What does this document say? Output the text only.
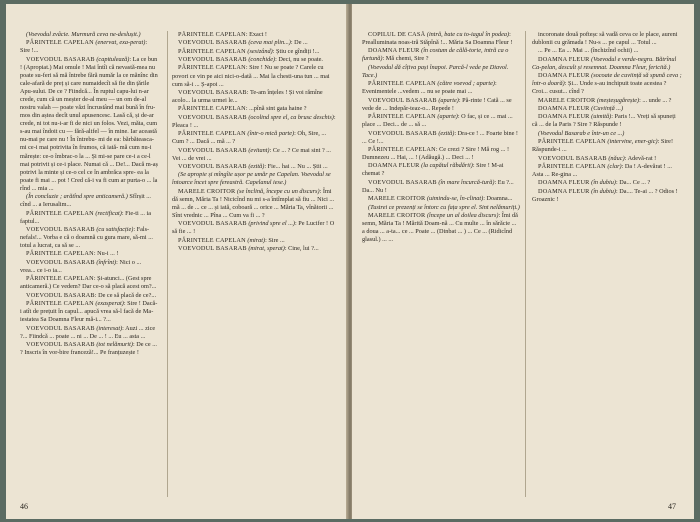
(Voevodul zvâcie. Murmură ceva ne-deslușit.)

PĂRINTELE CAPELAN (enervat, exa-perat): Sire !...

VOEVODUL BASARAB (capitulează): La ce bun ! (Apropiat.) Mai omule ! Mai întîi că nevastă-mea nu poate su-feri să mă întrebe fără număr la ce mănînc din cale-afară de preț și care numaidecît să fie din țările Apu-sului. De ce ? Fiindcă... În ruptul capu-lui n-ar crede, cum că un meșter de-al meu — un om de-al nostru valah — poate văzi încrustând mai bună în fru-mos din aștea decît unul apusencesc. Lasă că, și de-ar crede, ni tot nu-i-ar fi de nici un folos. Vezi, măta, cum s-au mai îndoit cu — fără-altfel — în mine. Iar această nu-mai pe care nu ! În întrebu- mi de ea: bărbăteasca-mi ce-i mai potrivita în frumos, că iată- mă cum nu-i mărește: ce-o îmbrac-o la ... Și mi-se pare ce-i a ce-l mai potrivit și ce-i place. Numai că ... De!... Dacă m-aș potrivi la minte și ce-o cel ce în ambrăca spre- ea la poate fi mai ... pot ! Cred că-i va fi cum ar purta-o ... la rînd ... mia ...

(În concluzie ; arătînd spre anticameră.) Sfîrșit ... cînd ... a Ierusalim...

PĂRINTELE CAPELAN (rectificat): Fie-ti ... ia faptul...

VOEVODUL BASARAB (cu satisfacție): Fals-nefals!... Vorba e că o doamnă cu gura mare, să-mi ... totul a lucrat, ca să se ...

PĂRINTELE CAPELAN: Nu-i ... !

VOEVODUL BASARAB (înfrînt): Nici o ... vrea... ce i-o ia...

PĂRINTELE CAPELAN: Și-atunci... (Gest spre anticameră.) Ce vedem? Dar ce-o să placă acest om?...

VOEVODUL BASARAB: De ce să placă de ce?...

PĂRINTELE CAPELAN (exasperat): Sire ! Dacă-i atît de prețuit în capul... apucă vrea să-l facă de Ma-iestatea Sa Doamna Fleur mă-i... ?...

VOEVODUL BASARAB (interesat): Auzi ... zice ?... Fiindcă ... poate ... ni ... De ... ! ... Eu ... asta ...

VOEVODUL BASARAB (tot nelămurit): De ce ... ? Inscris în vor-bire franceză!... Pe franțuzește !

PĂRINTELE CAPELAN: Exact !

VOEVODUL BASARAB (ceva mai plin...): De ...

PĂRINTELE CAPELAN (sesizând): Știu ce gîndiți !...

VOEVODUL BASARAB (conchide): Deci, nu se poate.

PĂRINTELE CAPELAN: Sire ! Nu se poate ? Carele cu povori ce vin pe aici nici-o-dată ... Mai la chesti-una tun ... mai cum să-i ... Ș-apoi ...

VOEVODUL BASARAB: Te-am înțeles ! Și voi rămîne acolo... la urma urmei le...

PĂRINTELE CAPELAN: ...pînă sint gata haine ?

VOEVODUL BASARAB (ocolind spre el, ca brusc deschis): Pleaca ! ...

PĂRINTELE CAPELAN (într-o mică parte): Oh, Sire, ... Cum ? ... Dacă ... mă ... ?

VOEVODUL BASARAB (evitant): Ce ... ? Ce mai sint ? ... Vei ... de vrei ...

VOEVODUL BASARAB (ezită): Fie... hai ... Nu ... Știi ...

(Se apropie și mîngîie ușor pe umăr pe Capelan. Voevodul se întoarce încet spre fereastră. Capelanul iese.)

MARELE CROITOR (se înclină, începe cu un discurs): Îmi dă semn, Măria Ta ! Nicicînd nu mi s-a întîmplat să fiu ... Nici ... mă ... de ... ce ... și iată, coboară ... orice ... Măria Ta, vînătorii ... Sînt vrednic ... Pîna ... Cum va fi ... ?

VOEVODUL BASARAB (privind spre el ...): Pe Lucifer ! O să fie ... !

PĂRINTELE CAPELAN (mirat): Sire ...

VOEVODUL BASARAB (mirat, sperat): Cine, lui ?...

46

COPILUL DE CASĂ (intră, bate cu to-iagul în podea): Preaîluminata noas-tră Stăpînă !... Măria Sa Doamna Fleur !

DOAMNA FLEUR (în costum de călă-torie, intră ca o furtună): Mă chemi, Sire ?

(Voevodul dă cîțiva pași înapoi. Parcă-l vede pe Diavol. Tace.)

PĂRINTELE CAPELAN (către voevod ; aparte): Evenimentele ...vedem ... nu se poate mai ...

VOEVODUL BASARAB (aparte): Pă-rinte ! Cată ... se vede de ... Indepăr-teaz-o... Repede !

PĂRINTELE CAPELAN (aparte): O fac, și ce ... mai ... place ... Deci... de ... să ...

VOEVODUL BASARAB (ezită): Dra-ce ! ... Foarte bine ! ... Ce !...

PĂRINTELE CAPELAN: Ce crezi ? Sire ! Mă rog ... ! Dumnezeu ... Hai, ... ! (Adăugă.) ... Deci ... !

DOAMNA FLEUR (la capătul răbdării): Sire ! M-ai chemat ?

VOEVODUL BASARAB (în mare încurcă-tură): Eu ?... Da... Nu !

MARELE CROITOR (uimindu-se, în-clinat): Doamna...

(Tustrei ce prezenți se întorc cu fața spre el. Sint nelămuriți.)

MARELE CROITOR (începe un al doilea discurs): Îmi dă semn, Măria Ta ! Mărită Doam-nă ... Cu multe ... în sărăcie ... a doua ... a-ta... ce ... Poate ... (Dinbat ... ) ... Ce ... (Ridicînd glasul.) ... ...

incoronate două pofteșc să vadă ceva ce le place, aureni dublonii cu grămada ! Nu-s ... pe capul ... Totul ...

... Pe ... Ea ... Mai ... (închizînd ochii) ...

DOAMNA FLEUR (Voevodul e verde-negru. Bătrînul Ca-pelan, descult și resemnat. Doamna Fleur, fericită.)

DOAMNA FLEUR (socoate de cuviință să spună ceva ; într-o doară): Și... Unde s-au inchipuit toate acestea ? Croi... cusut... cînd ?

MARELE CROITOR (meșteșugărește): ... unde ... ?

DOAMNA FLEUR (Cuviință ...)

DOAMNA FLEUR (uimită): Paris !... Vreți să spuneți că ... de la Paris ? Sire ? Răspunde !

(Voevodul Basarab e într-un ce ...)

PĂRINTELE CAPELAN (intervine, ener-gic): Sire! Răspunde-i ...

VOEVODUL BASARAB (năuc): Adevă-rat !

PĂRINTELE CAPELAN (clar): Da ! A-devărat ! ... Asta ... Re-gina ...

DOAMNA FLEUR (în dubiu): Da... Ce ... ?

DOAMNA FLEUR (în dubiu): Da.... Te-ai ... ? Odios ! Groaznic !

47
